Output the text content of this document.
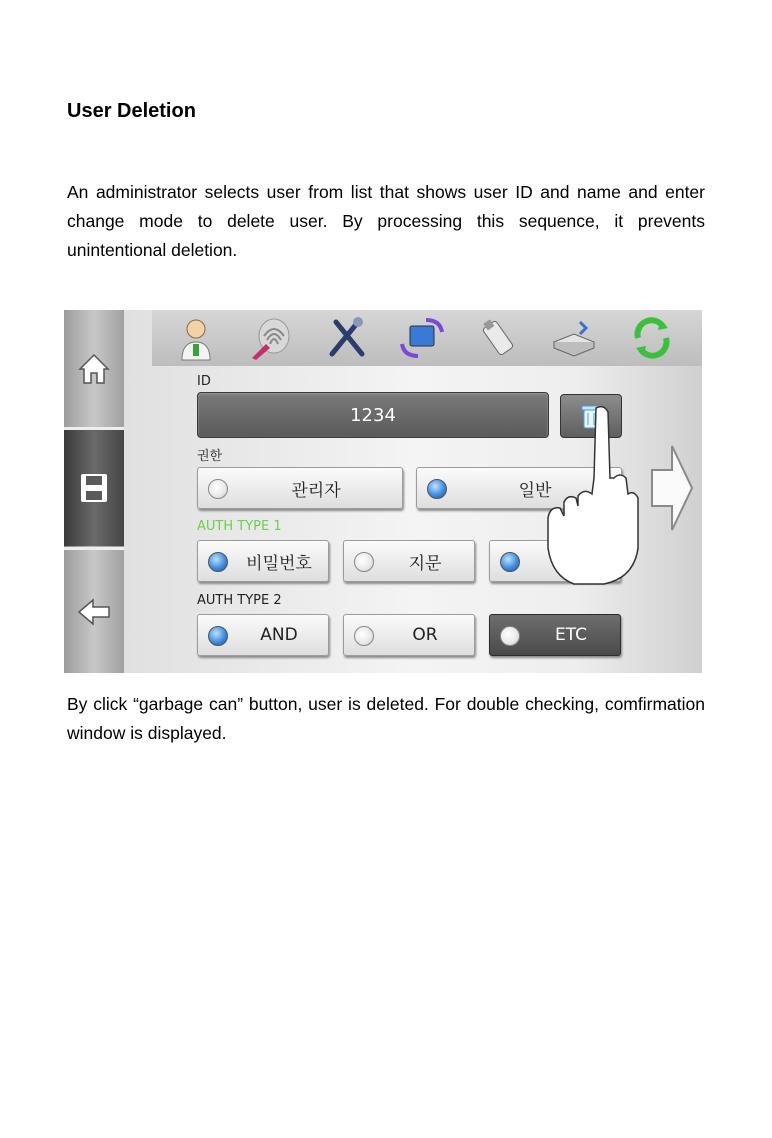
User Deletion

An administrator selects user from list that shows user ID and name and enter change mode to delete user. By processing this sequence, it prevents unintentional deletion.

ID
1234
권한
관리자	일반
AUTH TYPE 1
비밀번호	지문
AUTH TYPE 2
AND	OR	ETC

By click “garbage can” button, user is deleted. For double checking, comfirmation window is displayed.
